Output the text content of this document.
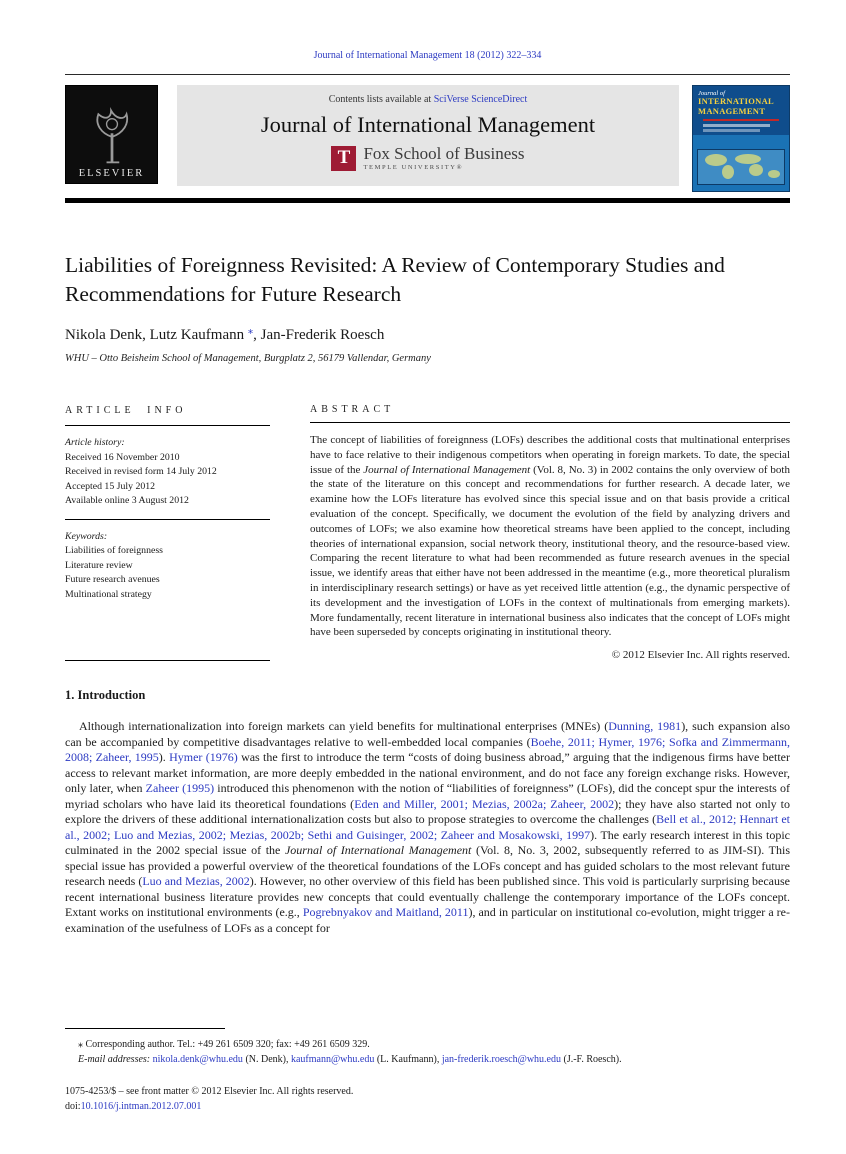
Journal of International Management 18 (2012) 322–334
ELSEVIER
Contents lists available at SciVerse ScienceDirect
Journal of International Management
T Fox School of Business
TEMPLE UNIVERSITY®
Journal of
INTERNATIONAL
MANAGEMENT
Liabilities of Foreignness Revisited: A Review of Contemporary Studies and Recommendations for Future Research
Nikola Denk, Lutz Kaufmann ⁎, Jan-Frederik Roesch
WHU – Otto Beisheim School of Management, Burgplatz 2, 56179 Vallendar, Germany
ARTICLE INFO
Article history:
Received 16 November 2010
Received in revised form 14 July 2012
Accepted 15 July 2012
Available online 3 August 2012
Keywords:
Liabilities of foreignness
Literature review
Future research avenues
Multinational strategy
ABSTRACT

The concept of liabilities of foreignness (LOFs) describes the additional costs that multinational enterprises have to face relative to their indigenous competitors when operating in foreign markets. To date, the special issue of the Journal of International Management (Vol. 8, No. 3) in 2002 contains the only overview of both the state of the literature on this concept and recommendations for further research. A decade later, we examine how the LOFs literature has evolved since this special issue and on that basis provide a critical evaluation of the concept. Specifically, we document the evolution of the field by analyzing drivers and outcomes of LOFs; we also examine how theoretical streams have been applied to the concept, including theories of international expansion, social network theory, institutional theory, and the resource-based view. Comparing the recent literature to what had been recommended as future research avenues in the special issue, we identify areas that either have not been addressed in the meantime (e.g., more theoretical pluralism in interdisciplinary research settings) or have as yet received little attention (e.g., the dynamic perspective of its development and the investigation of LOFs in the context of multinationals from emerging markets). More fundamentally, recent literature in international business also indicates that the concept of LOFs might have been superseded by concepts originating in institutional theory.

© 2012 Elsevier Inc. All rights reserved.
1. Introduction

Although internationalization into foreign markets can yield benefits for multinational enterprises (MNEs) (Dunning, 1981), such expansion also can be accompanied by competitive disadvantages relative to well-embedded local companies (Boehe, 2011; Hymer, 1976; Sofka and Zimmermann, 2008; Zaheer, 1995). Hymer (1976) was the first to introduce the term “costs of doing business abroad,” arguing that the indigenous firms have better access to relevant market information, are more deeply embedded in the national environment, and do not face any foreign exchange risks. However, only later, when Zaheer (1995) introduced this phenomenon with the notion of “liabilities of foreignness” (LOFs), did the concept spur the interests of myriad scholars who have laid its theoretical foundations (Eden and Miller, 2001; Mezias, 2002a; Zaheer, 2002); they have also started not only to explore the drivers of these additional internationalization costs but also to propose strategies to overcome the challenges (Bell et al., 2012; Hennart et al., 2002; Luo and Mezias, 2002; Mezias, 2002b; Sethi and Guisinger, 2002; Zaheer and Mosakowski, 1997). The early research interest in this topic culminated in the 2002 special issue of the Journal of International Management (Vol. 8, No. 3, 2002, subsequently referred to as JIM-SI). This special issue has provided a powerful overview of the theoretical foundations of the LOFs concept and has guided scholars to the most relevant future research needs (Luo and Mezias, 2002). However, no other overview of this field has been published since. This void is particularly surprising because recent international business literature provides new concepts that could eventually challenge the contemporary importance of the LOFs concept. Extant works on institutional environments (e.g., Pogrebnyakov and Maitland, 2011), and in particular on institutional co-evolution, might trigger a re-examination of the usefulness of LOFs as a concept for

⁎ Corresponding author. Tel.: +49 261 6509 320; fax: +49 261 6509 329.
E-mail addresses: nikola.denk@whu.edu (N. Denk), kaufmann@whu.edu (L. Kaufmann), jan-frederik.roesch@whu.edu (J.-F. Roesch).
1075-4253/$ – see front matter © 2012 Elsevier Inc. All rights reserved.
doi:10.1016/j.intman.2012.07.001
